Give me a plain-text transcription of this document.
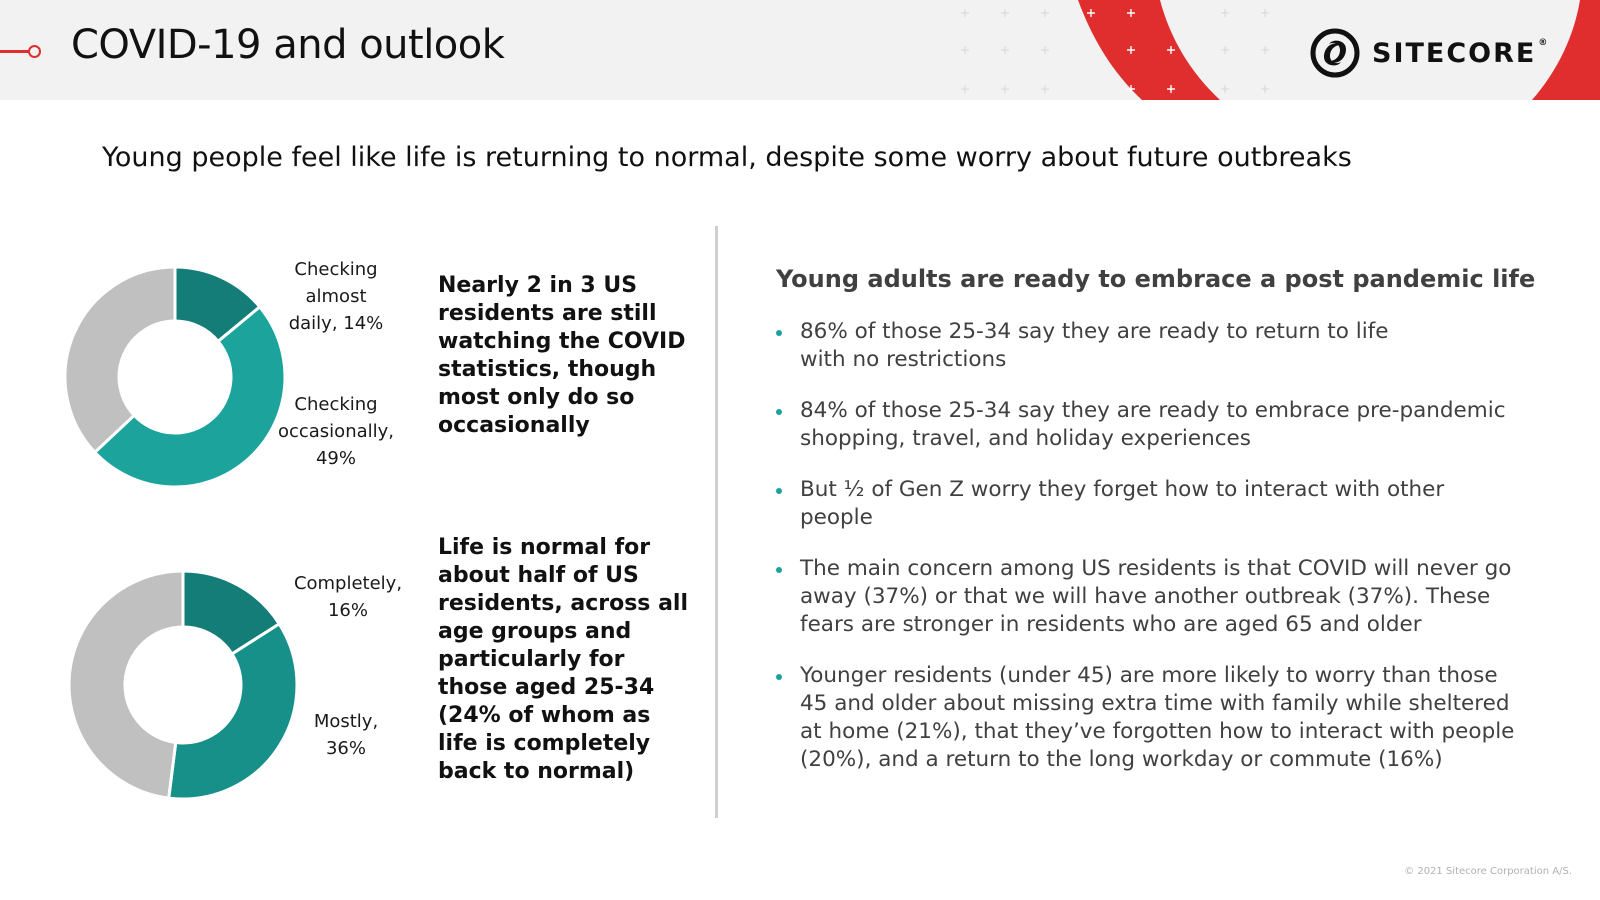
COVID-19 and outlook	SITECORE ®
Young people feel like life is returning to normal, despite some worry about future outbreaks
Checking
almost
daily, 14%
Checking
occasionally,
49%
Nearly 2 in 3 US residents are still watching the COVID statistics, though most only do so occasionally
Completely,
16%
Mostly,
36%
Life is normal for about half of US residents, across all age groups and particularly for those aged 25-34 (24% of whom as life is completely back to normal)
Young adults are ready to embrace a post pandemic life
86% of those 25-34 say they are ready to return to life with no restrictions
84% of those 25-34 say they are ready to embrace pre-pandemic shopping, travel, and holiday experiences
But ½ of Gen Z worry they forget how to interact with other people
The main concern among US residents is that COVID will never go away (37%) or that we will have another outbreak (37%). These fears are stronger in residents who are aged 65 and older
Younger residents (under 45) are more likely to worry than those 45 and older about missing extra time with family while sheltered at home (21%), that they’ve forgotten how to interact with people (20%), and a return to the long workday or commute (16%)
© 2021 Sitecore Corporation A/S.
